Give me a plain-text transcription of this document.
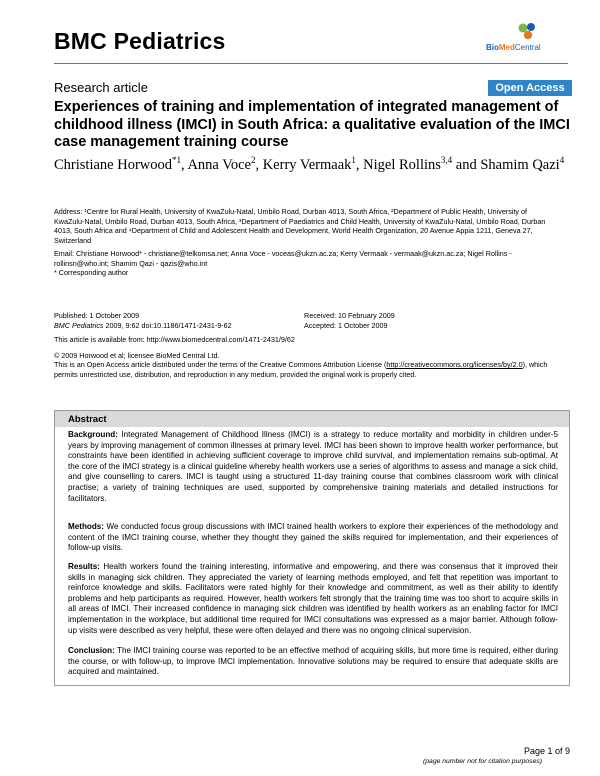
BMC Pediatrics	BioMedCentral
Research article	Open Access
Experiences of training and implementation of integrated management of childhood illness (IMCI) in South Africa: a qualitative evaluation of the IMCI case management training course
Christiane Horwood$^{*1}$, Anna Voce$^2$, Kerry Vermaak$^1$, Nigel Rollins$^{3,4}$ and Shamim Qazi$^4$
Address: ¹Centre for Rural Health, University of KwaZulu-Natal, Umbilo Road, Durban 4013, South Africa, ²Department of Public Health, University of KwaZulu-Natal, Umbilo Road, Durban 4013, South Africa, ³Department of Paediatrics and Child Health, University of KwaZulu-Natal, Umbilo Road, Durban 4013, South Africa and ⁴Department of Child and Adolescent Health and Development, World Health Organization, 20 Avenue Appia 1211, Geneva 27, Switzerland
Email: Christiane Horwood* - christiane@telkomsa.net; Anna Voce - voceas@ukzn.ac.za; Kerry Vermaak - vermaak@ukzn.ac.za; Nigel Rollins - rollinsn@who.int; Shamim Qazi - qazis@who.int
* Corresponding author
Published: 1 October 2009
BMC Pediatrics 2009, 9:62 doi:10.1186/1471-2431-9-62
Received: 10 February 2009
Accepted: 1 October 2009
This article is available from: http://www.biomedcentral.com/1471-2431/9/62
© 2009 Horwood et al; licensee BioMed Central Ltd.
This is an Open Access article distributed under the terms of the Creative Commons Attribution License (http://creativecommons.org/licenses/by/2.0), which permits unrestricted use, distribution, and reproduction in any medium, provided the original work is properly cited.
Abstract
Background: Integrated Management of Childhood Illness (IMCI) is a strategy to reduce mortality and morbidity in children under-5 years by improving management of common illnesses at primary level. IMCI has been shown to improve health worker performance, but constraints have been identified in achieving sufficient coverage to improve child survival, and implementation remains sub-optimal. At the core of the IMCI strategy is a clinical guideline whereby health workers use a series of algorithms to assess and manage a sick child, and give counselling to carers. IMCI is taught using a structured 11-day training course that combines classroom work with clinical practise; a variety of training techniques are used, supported by comprehensive training materials and detailed instructions for facilitators.
Methods: We conducted focus group discussions with IMCI trained health workers to explore their experiences of the methodology and content of the IMCI training course, whether they thought they gained the skills required for implementation, and their experiences of follow-up visits.
Results: Health workers found the training interesting, informative and empowering, and there was consensus that it improved their skills in managing sick children. They appreciated the variety of learning methods employed, and felt that repetition was important to reinforce knowledge and skills. Facilitators were rated highly for their knowledge and commitment, as well as their ability to identify problems and help participants as required. However, health workers felt strongly that the training time was too short to acquire skills in all areas of IMCI. Their increased confidence in managing sick children was identified by health workers as an enabling factor for IMCI implementation in the workplace, but additional time required for IMCI consultations was expressed as a major barrier. Although follow-up visits were described as very helpful, these were often delayed and there was no ongoing clinical supervision.
Conclusion: The IMCI training course was reported to be an effective method of acquiring skills, but more time is required, either during the course, or with follow-up, to improve IMCI implementation. Innovative solutions may be required to ensure that adequate skills are acquired and maintained.
Page 1 of 9
(page number not for citation purposes)
